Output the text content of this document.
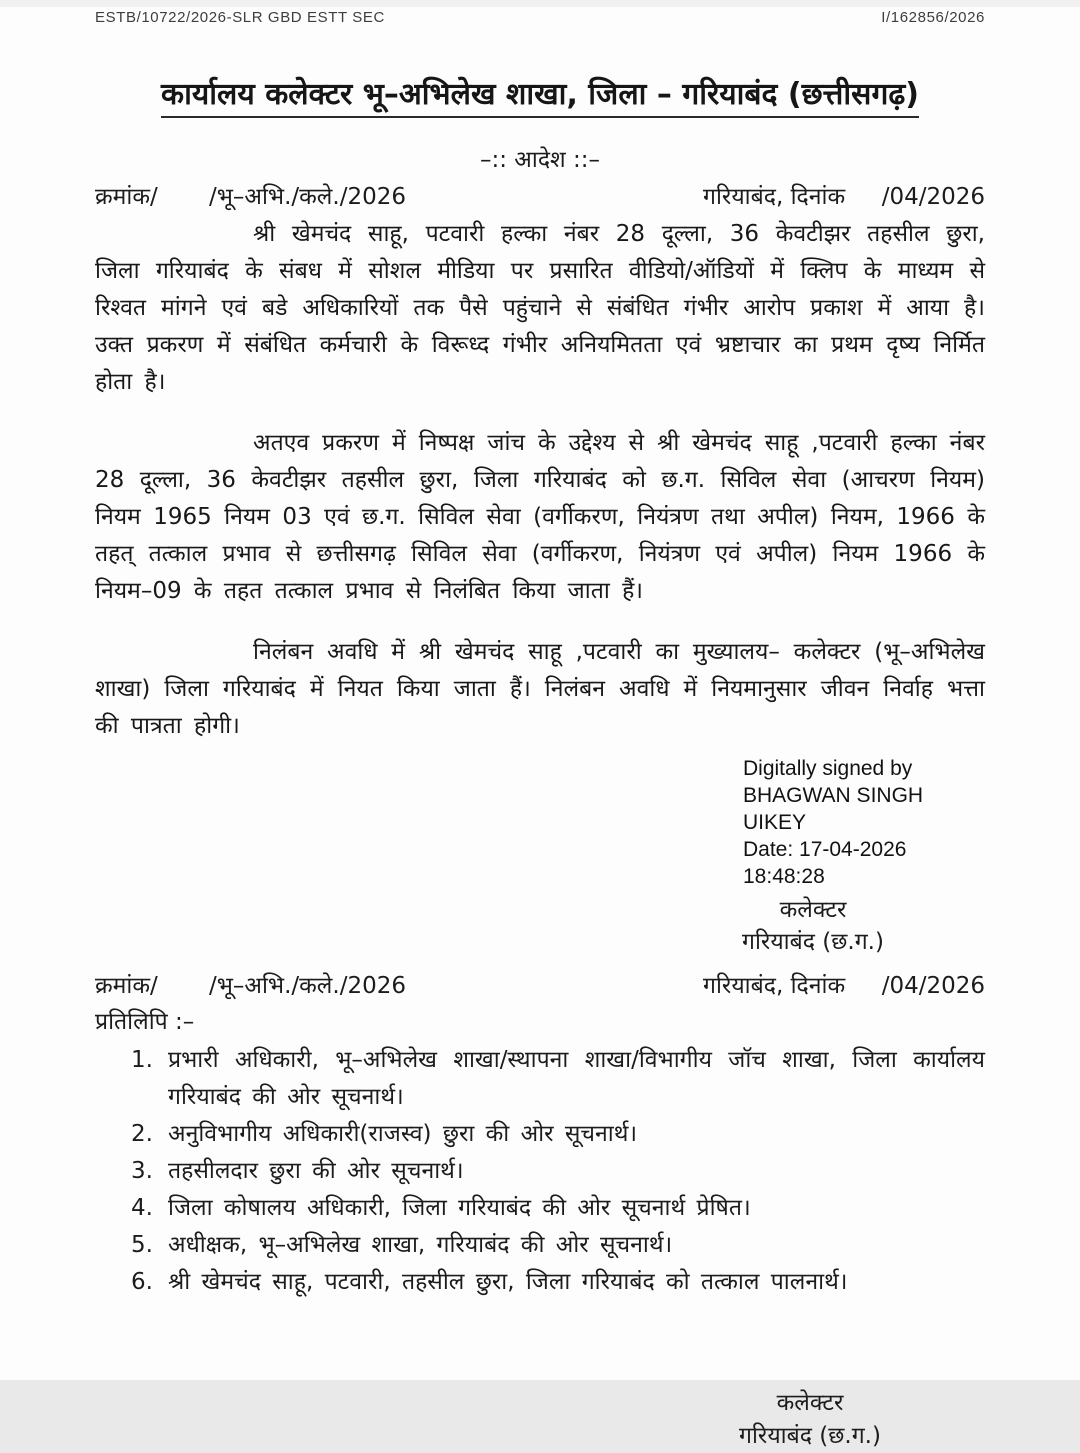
ESTB/10722/2026-SLR GBD ESTT SEC	I/162856/2026
कार्यालय कलेक्टर भू–अभिलेख शाखा, जिला – गरियाबंद (छत्तीसगढ़)
–:: आदेश ::–
क्रमांक/       /भू–अभि./कले./2026	गरियाबंद, दिनांक     /04/2026
श्री खेमचंद साहू, पटवारी हल्का नंबर 28 दूल्ला, 36 केवटीझर तहसील छुरा, जिला गरियाबंद के संबध में सोशल मीडिया पर प्रसारित वीडियो/ऑडियों में क्लिप के माध्यम से रिश्वत मांगने एवं बडे अधिकारियों तक पैसे पहुंचाने से संबंधित गंभीर आरोप प्रकाश में आया है। उक्त प्रकरण में संबंधित कर्मचारी के विरूध्द गंभीर अनियमितता एवं भ्रष्टाचार का प्रथम दृष्य निर्मित होता है।
अतएव प्रकरण में निष्पक्ष जांच के उद्देश्य से श्री खेमचंद साहू ,पटवारी हल्का नंबर 28 दूल्ला, 36 केवटीझर तहसील छुरा, जिला गरियाबंद को छ.ग. सिविल सेवा (आचरण नियम) नियम 1965 नियम 03 एवं छ.ग. सिविल सेवा (वर्गीकरण, नियंत्रण तथा अपील) नियम, 1966 के तहत् तत्काल प्रभाव से छत्तीसगढ़ सिविल सेवा (वर्गीकरण, नियंत्रण एवं अपील) नियम 1966 के नियम–09 के तहत तत्काल प्रभाव से निलंबित किया जाता हैं।
निलंबन अवधि में श्री खेमचंद साहू ,पटवारी का मुख्यालय– कलेक्टर (भू–अभिलेख शाखा) जिला गरियाबंद में नियत किया जाता हैं। निलंबन अवधि में नियमानुसार जीवन निर्वाह भत्ता की पात्रता होगी।
Digitally signed by
BHAGWAN SINGH UIKEY
Date: 17-04-2026
18:48:28
कलेक्टर
गरियाबंद (छ.ग.)
क्रमांक/       /भू–अभि./कले./2026	गरियाबंद, दिनांक     /04/2026
प्रतिलिपि :–
1. प्रभारी अधिकारी, भू–अभिलेख शाखा/स्थापना शाखा/विभागीय जॉच शाखा, जिला कार्यालय गरियाबंद की ओर सूचनार्थ।
2. अनुविभागीय अधिकारी(राजस्व) छुरा की ओर सूचनार्थ।
3. तहसीलदार छुरा की ओर सूचनार्थ।
4. जिला कोषालय अधिकारी, जिला गरियाबंद की ओर सूचनार्थ प्रेषित।
5. अधीक्षक, भू–अभिलेख शाखा, गरियाबंद की ओर सूचनार्थ।
6. श्री खेमचंद साहू, पटवारी, तहसील छुरा, जिला गरियाबंद को तत्काल पालनार्थ।
कलेक्टर
गरियाबंद (छ.ग.)
